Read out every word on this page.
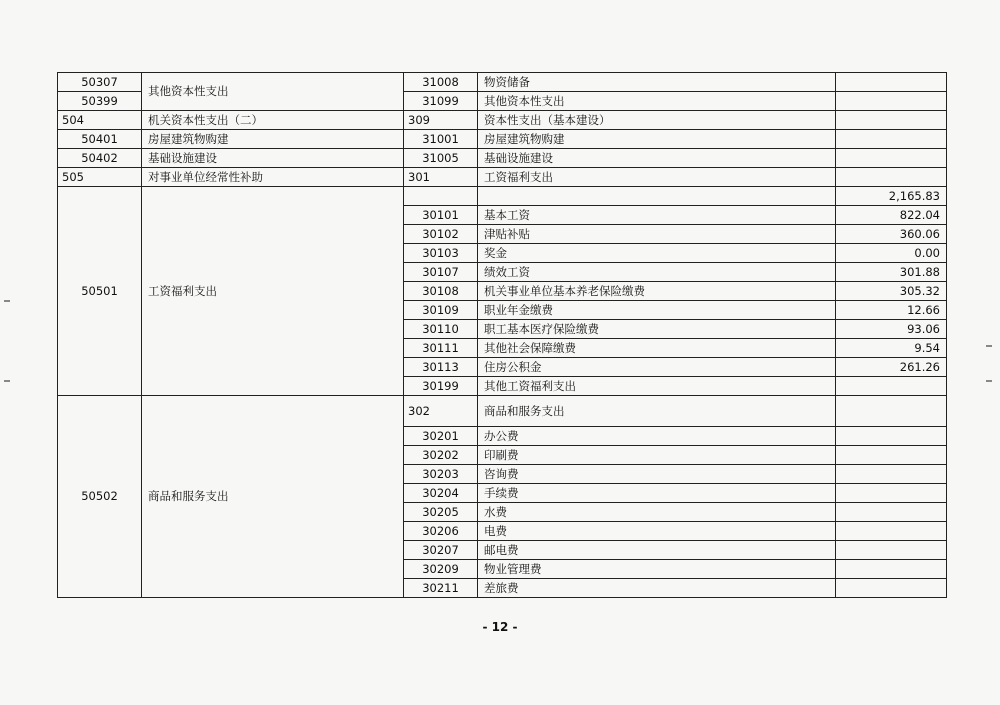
50307	其他资本性支出	31008	物资储备	
50399		31099	其他资本性支出	
504	机关资本性支出（二）	309	资本性支出（基本建设）	
50401	房屋建筑物购建	31001	房屋建筑物购建	
50402	基础设施建设	31005	基础设施建设	
505	对事业单位经常性补助	301	工资福利支出	
50501	工资福利支出			2,165.83
		30101	基本工资	822.04
		30102	津贴补贴	360.06
		30103	奖金	0.00
		30107	绩效工资	301.88
		30108	机关事业单位基本养老保险缴费	305.32
		30109	职业年金缴费	12.66
		30110	职工基本医疗保险缴费	93.06
		30111	其他社会保障缴费	9.54
		30113	住房公积金	261.26
		30199	其他工资福利支出	
50502	商品和服务支出	302	商品和服务支出	
		30201	办公费	
		30202	印刷费	
		30203	咨询费	
		30204	手续费	
		30205	水费	
		30206	电费	
		30207	邮电费	
		30209	物业管理费	
		30211	差旅费	
- 12 -
